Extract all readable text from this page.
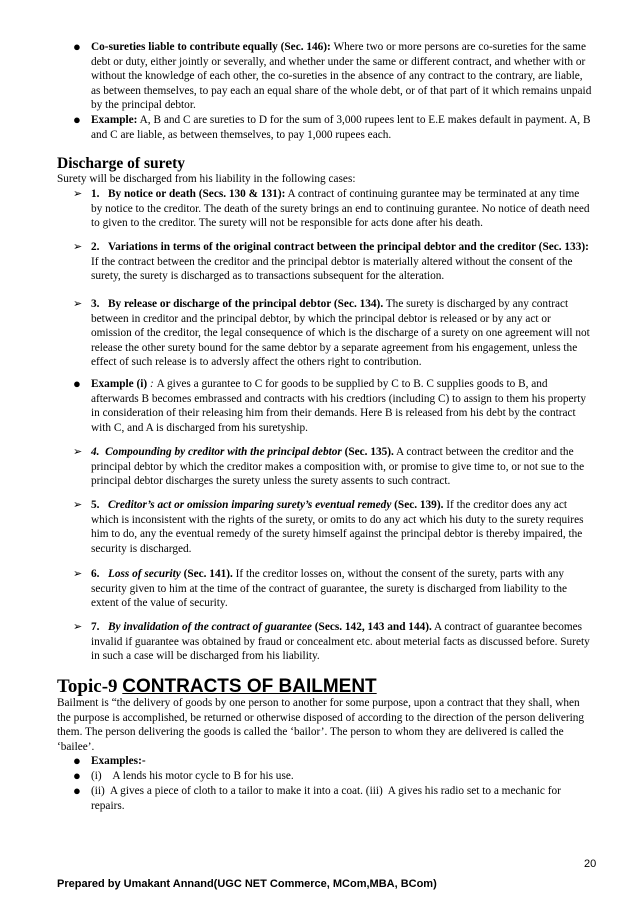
● Co-sureties liable to contribute equally (Sec. 146): Where two or more persons are co-sureties for the same debt or duty, either jointly or severally, and whether under the same or different contract, and whether with or without the knowledge of each other, the co-sureties in the absence of any contract to the contrary, are liable, as between themselves, to pay each an equal share of the whole debt, or of that part of it which remains unpaid by the principal debtor.
● Example: A, B and C are sureties to D for the sum of 3,000 rupees lent to E.E makes default in payment. A, B and C are liable, as between themselves, to pay 1,000 rupees each.
Discharge of surety
Surety will be discharged from his liability in the following cases:
➢ 1. By notice or death (Secs. 130 & 131): A contract of continuing gurantee may be terminated at any time by notice to the creditor. The death of the surety brings an end to continuing gurantee. No notice of death need to given to the creditor. The surety will not be responsible for acts done after his death.
➢ 2. Variations in terms of the original contract between the principal debtor and the creditor (Sec. 133): If the contract between the creditor and the principal debtor is materially altered without the consent of the surety, the surety is discharged as to transactions subsequent for the alteration.
➢ 3. By release or discharge of the principal debtor (Sec. 134). The surety is discharged by any contract between in creditor and the principal debtor, by which the principal debtor is released or by any act or omission of the creditor, the legal consequence of which is the discharge of a surety on one agreement will not release the other surety bound for the same debtor by a separate agreement from his engagement, unless the effect of such release is to adversly affect the others right to contribution.
● Example (i) : A gives a gurantee to C for goods to be supplied by C to B. C supplies goods to B, and afterwards B becomes embrassed and contracts with his credtiors (including C) to assign to them his property in consideration of their releasing him from their demands. Here B is released from his debt by the contract with C, and A is discharged from his suretyship.
➢ 4. Compounding by creditor with the principal debtor (Sec. 135). A contract between the creditor and the principal debtor by which the creditor makes a composition with, or promise to give time to, or not sue to the principal debtor discharges the surety unless the surety assents to such contract.
➢ 5. Creditor’s act or omission imparing surety’s eventual remedy (Sec. 139). If the creditor does any act which is inconsistent with the rights of the surety, or omits to do any act which his duty to the surety requires him to do, any the eventual remedy of the surety himself against the principal debtor is thereby impaired, the security is discharged.
➢ 6. Loss of security (Sec. 141). If the creditor losses on, without the consent of the surety, parts with any security given to him at the time of the contract of guarantee, the surety is discharged from liability to the extent of the value of security.
➢ 7. By invalidation of the contract of guarantee (Secs. 142, 143 and 144). A contract of guarantee becomes invalid if guarantee was obtained by fraud or concealment etc. about meterial facts as discussed before. Surety in such a case will be discharged from his liability.
Topic-9 CONTRACTS OF BAILMENT
Bailment is “the delivery of goods by one person to another for some purpose, upon a contract that they shall, when the purpose is accomplished, be returned or otherwise disposed of according to the direction of the person delivering them. The person delivering the goods is called the ‘bailor’. The person to whom they are delivered is called the ‘bailee’.
● Examples:-
● (i)    A lends his motor cycle to B for his use.
● (ii)  A gives a piece of cloth to a tailor to make it into a coat. (iii)  A gives his radio set to a mechanic for repairs.
20
Prepared by Umakant Annand(UGC NET Commerce, MCom,MBA, BCom)
